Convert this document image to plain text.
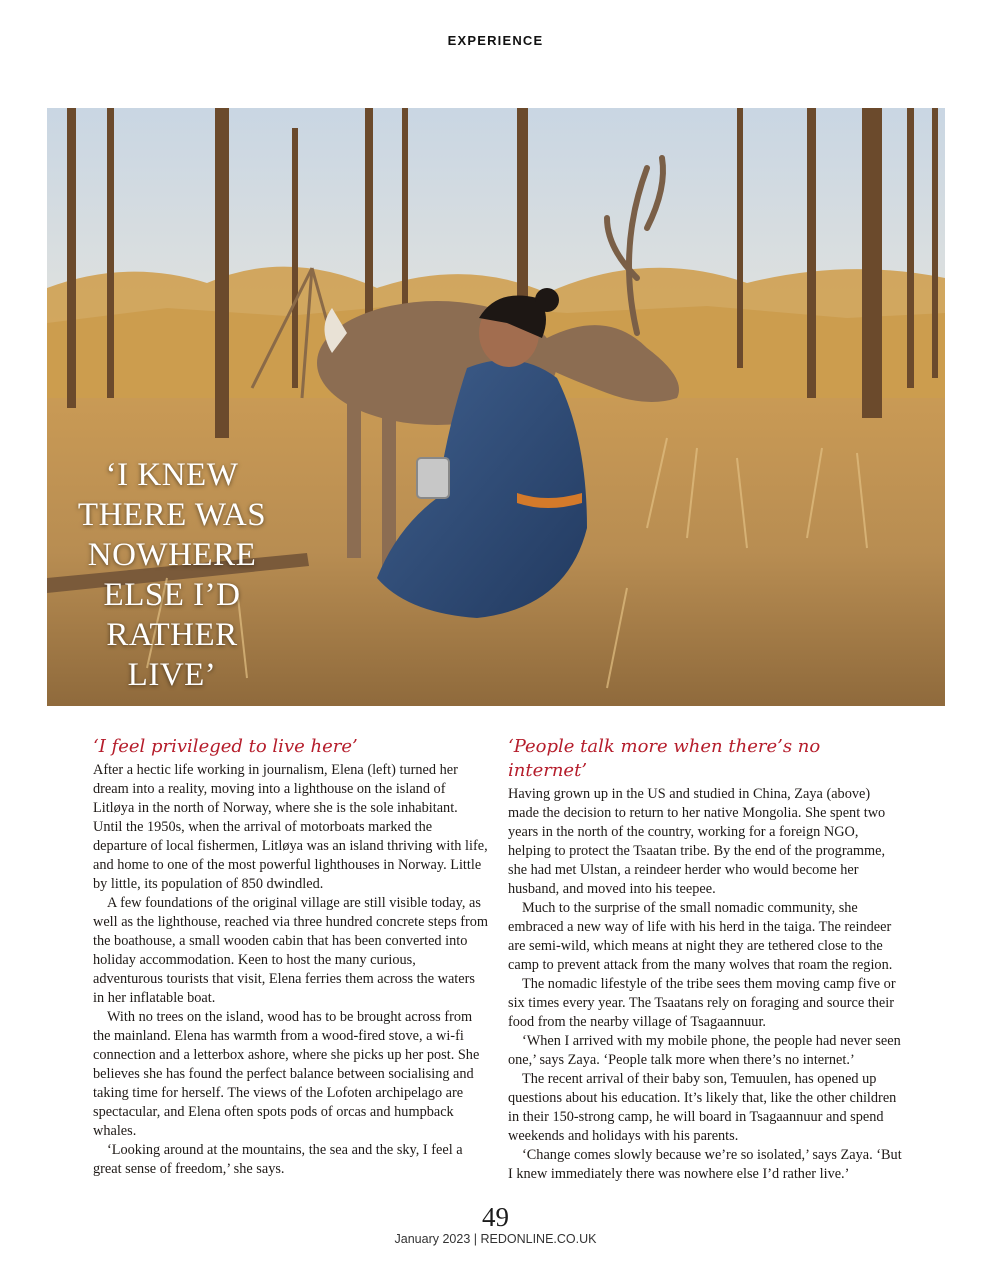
EXPERIENCE
‘I KNEW
THERE WAS
NOWHERE
ELSE I’D
RATHER
LIVE’
‘I feel privileged to live here’

After a hectic life working in journalism, Elena (left) turned her dream into a reality, moving into a lighthouse on the island of Litløya in the north of Norway, where she is the sole inhabitant. Until the 1950s, when the arrival of motorboats marked the departure of local fishermen, Litløya was an island thriving with life, and home to one of the most powerful lighthouses in Norway. Little by little, its population of 850 dwindled.

A few foundations of the original village are still visible today, as well as the lighthouse, reached via three hundred concrete steps from the boathouse, a small wooden cabin that has been converted into holiday accommodation. Keen to host the many curious, adventurous tourists that visit, Elena ferries them across the waters in her inflatable boat.

With no trees on the island, wood has to be brought across from the mainland. Elena has warmth from a wood-fired stove, a wi-fi connection and a letterbox ashore, where she picks up her post. She believes she has found the perfect balance between socialising and taking time for herself. The views of the Lofoten archipelago are spectacular, and Elena often spots pods of orcas and humpback whales.

‘Looking around at the mountains, the sea and the sky, I feel a great sense of freedom,’ she says.

‘People talk more when there’s no internet’

Having grown up in the US and studied in China, Zaya (above) made the decision to return to her native Mongolia. She spent two years in the north of the country, working for a foreign NGO, helping to protect the Tsaatan tribe. By the end of the programme, she had met Ulstan, a reindeer herder who would become her husband, and moved into his teepee.

Much to the surprise of the small nomadic community, she embraced a new way of life with his herd in the taiga. The reindeer are semi-wild, which means at night they are tethered close to the camp to prevent attack from the many wolves that roam the region.

The nomadic lifestyle of the tribe sees them moving camp five or six times every year. The Tsaatans rely on foraging and source their food from the nearby village of Tsagaannuur.

‘When I arrived with my mobile phone, the people had never seen one,’ says Zaya. ‘People talk more when there’s no internet.’

The recent arrival of their baby son, Temuulen, has opened up questions about his education. It’s likely that, like the other children in their 150-strong camp, he will board in Tsagaannuur and spend weekends and holidays with his parents.

‘Change comes slowly because we’re so isolated,’ says Zaya. ‘But I knew immediately there was nowhere else I’d rather live.’

49
January 2023 | REDONLINE.CO.UK
